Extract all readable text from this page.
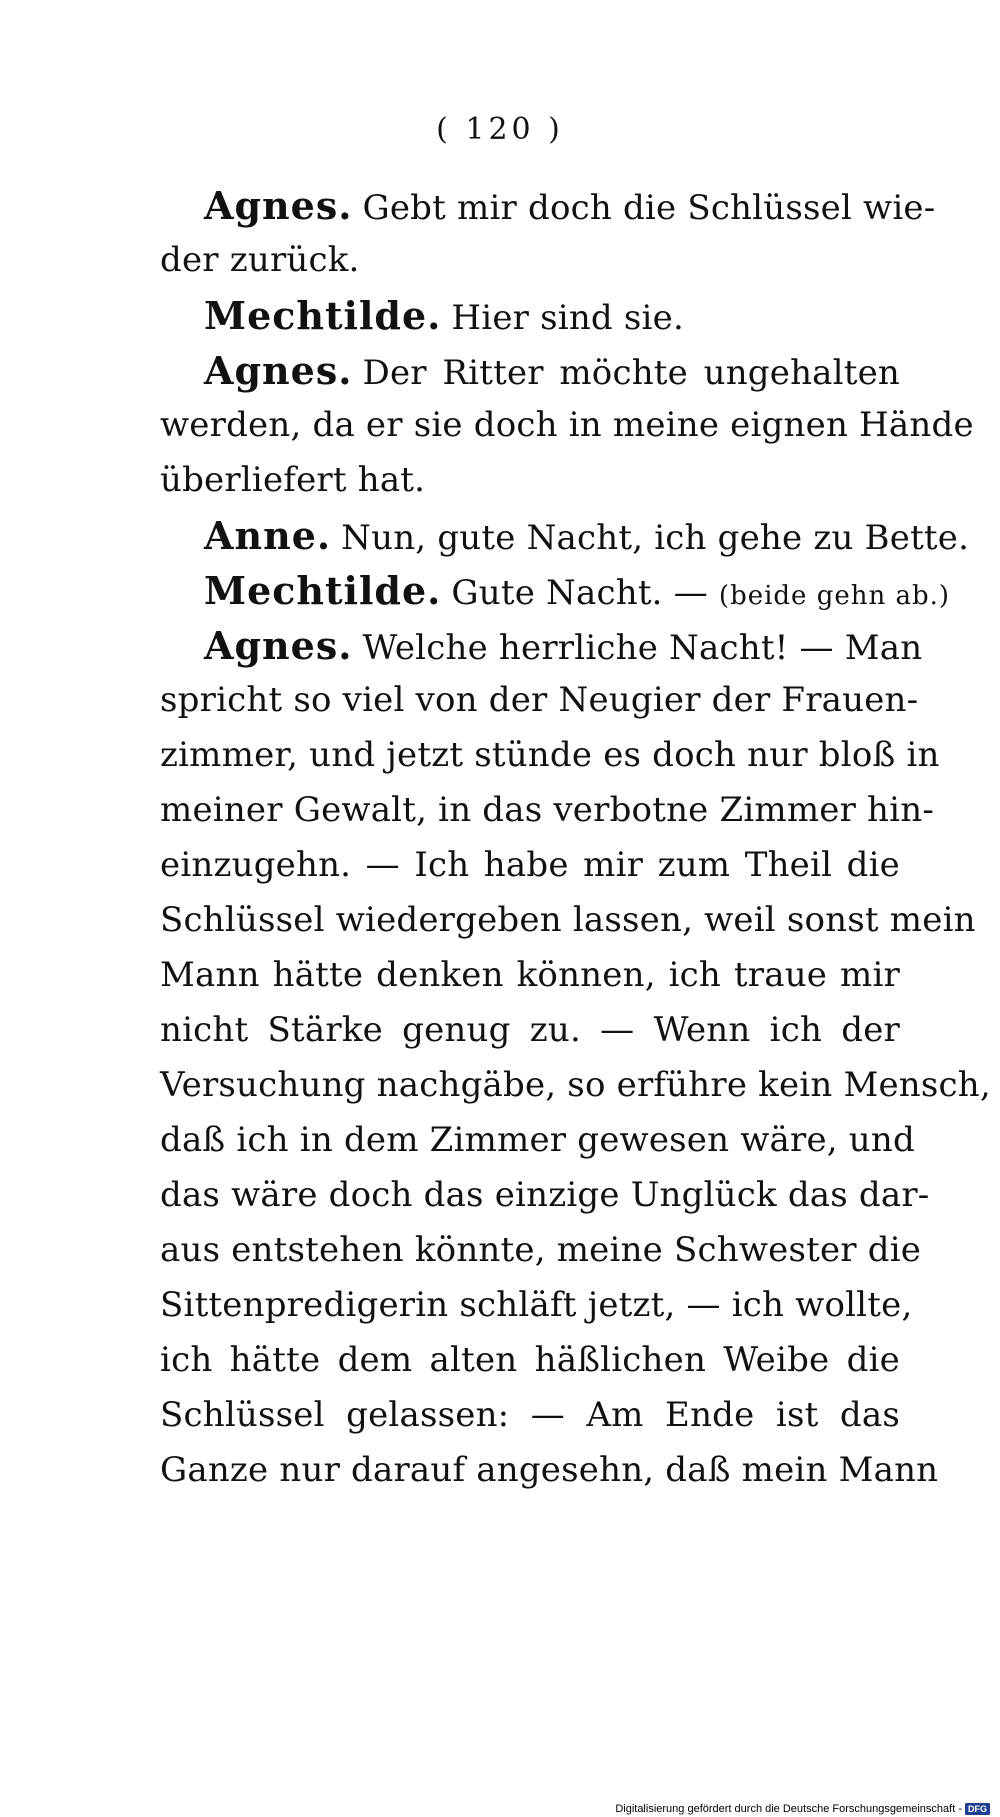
( 120 )
Agnes. Gebt mir doch die Schlüssel wie-
der zurück.
Mechtilde. Hier sind sie.
Agnes. Der Ritter möchte ungehalten
werden, da er sie doch in meine eignen Hände
überliefert hat.
Anne. Nun, gute Nacht, ich gehe zu Bette.
Mechtilde. Gute Nacht. — (beide gehn ab.)
Agnes. Welche herrliche Nacht! — Man
spricht so viel von der Neugier der Frauen-
zimmer, und jetzt stünde es doch nur bloß in
meiner Gewalt, in das verbotne Zimmer hin-
einzugehn. — Ich habe mir zum Theil die
Schlüssel wiedergeben lassen, weil sonst mein
Mann hätte denken können, ich traue mir
nicht Stärke genug zu. — Wenn ich der
Versuchung nachgäbe, so erführe kein Mensch,
daß ich in dem Zimmer gewesen wäre, und
das wäre doch das einzige Unglück das dar-
aus entstehen könnte, meine Schwester die
Sittenpredigerin schläft jetzt, — ich wollte,
ich hätte dem alten häßlichen Weibe die
Schlüssel gelassen: — Am Ende ist das
Ganze nur darauf angesehn, daß mein Mann
Digitalisierung gefördert durch die Deutsche Forschungsgemeinschaft - DFG
